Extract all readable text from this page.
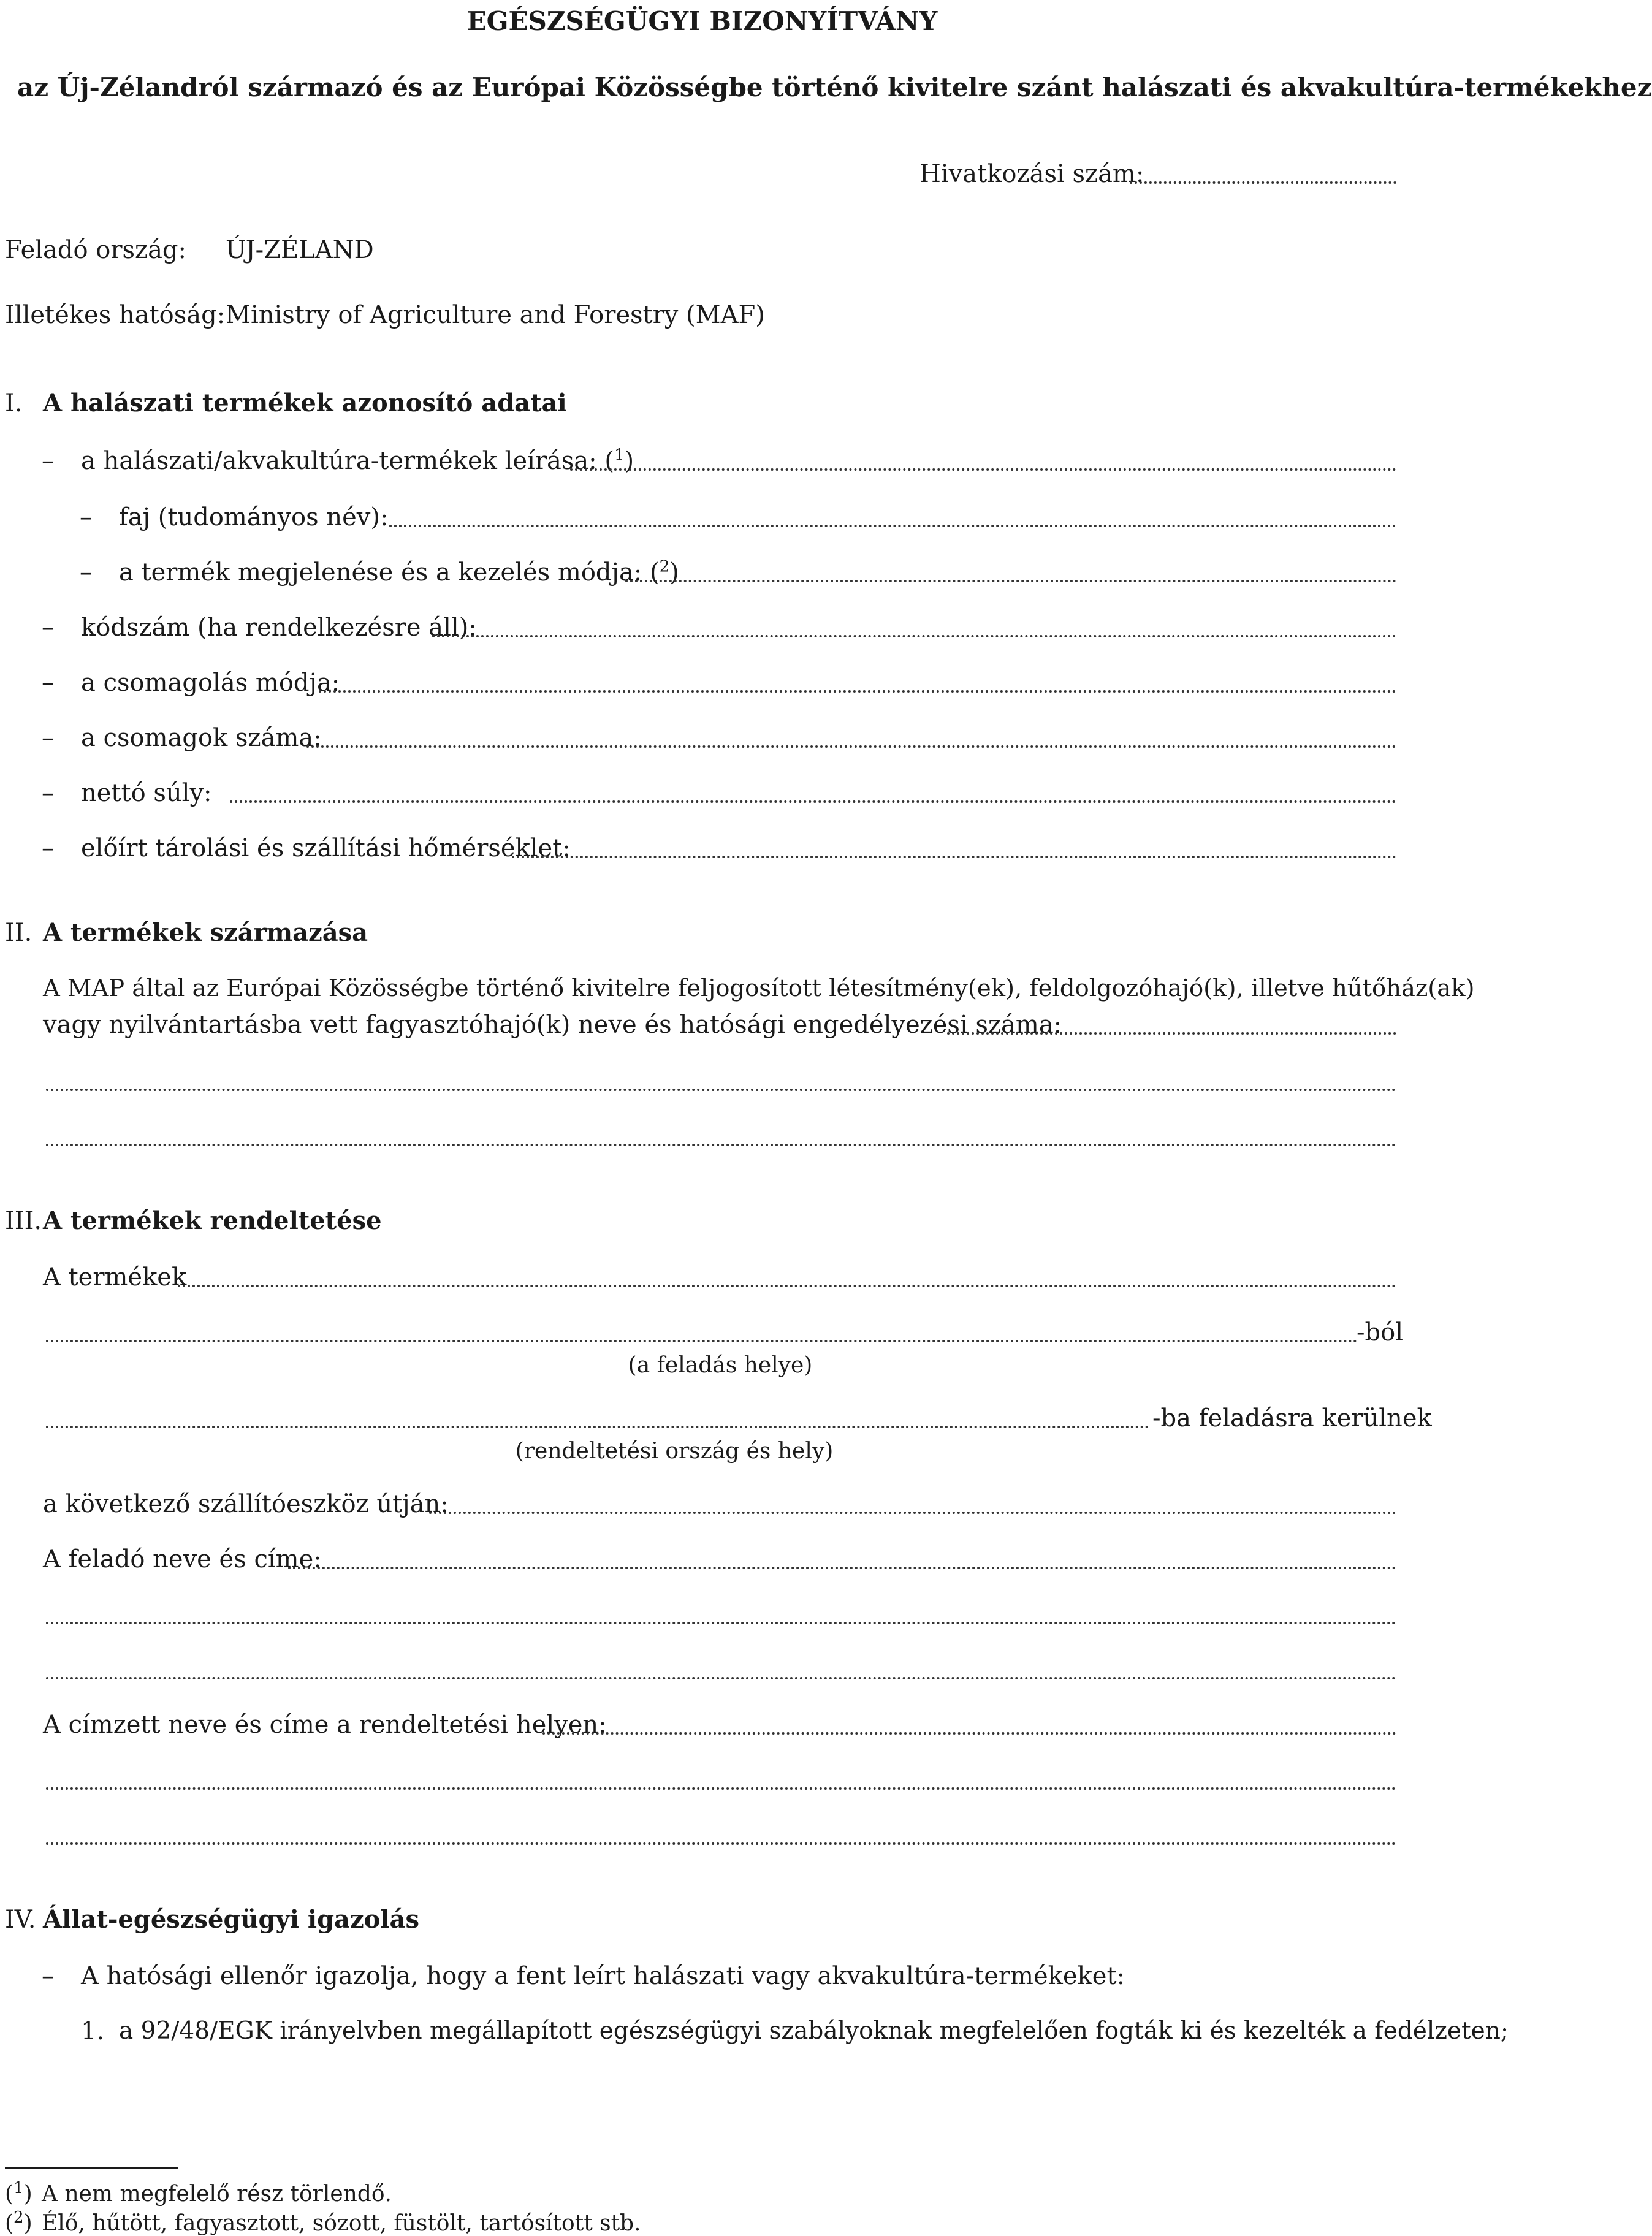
EGÉSZSÉGÜGYI BIZONYÍTVÁNY
az Új-Zélandról származó és az Európai Közösségbe történő kivitelre szánt halászati és akvakultúra-termékekhez
Hivatkozási szám:
Feladó ország: ÚJ-ZÉLAND
Illetékes hatóság: Ministry of Agriculture and Forestry (MAF)
I. A halászati termékek azonosító adatai
– a halászati/akvakultúra-termékek leírása: ($^1$)
– faj (tudományos név):
– a termék megjelenése és a kezelés módja: ($^2$)
– kódszám (ha rendelkezésre áll):
– a csomagolás módja:
– a csomagok száma:
– nettó súly:
– előírt tárolási és szállítási hőmérséklet:
II. A termékek származása
A MAP által az Európai Közösségbe történő kivitelre feljogosított létesítmény(ek), feldolgozóhajó(k), illetve hűtőház(ak)
vagy nyilvántartásba vett fagyasztóhajó(k) neve és hatósági engedélyezési száma:
III. A termékek rendeltetése
A termékek
-ból
(a feladás helye)
-ba feladásra kerülnek
(rendeltetési ország és hely)
a következő szállítóeszköz útján:
A feladó neve és címe:
A címzett neve és címe a rendeltetési helyen:
IV. Állat-egészségügyi igazolás
– A hatósági ellenőr igazolja, hogy a fent leírt halászati vagy akvakultúra-termékeket:
1. a 92/48/EGK irányelvben megállapított egészségügyi szabályoknak megfelelően fogták ki és kezelték a fedélzeten;
($^1$) A nem megfelelő rész törlendő.
($^2$) Élő, hűtött, fagyasztott, sózott, füstölt, tartósított stb.
